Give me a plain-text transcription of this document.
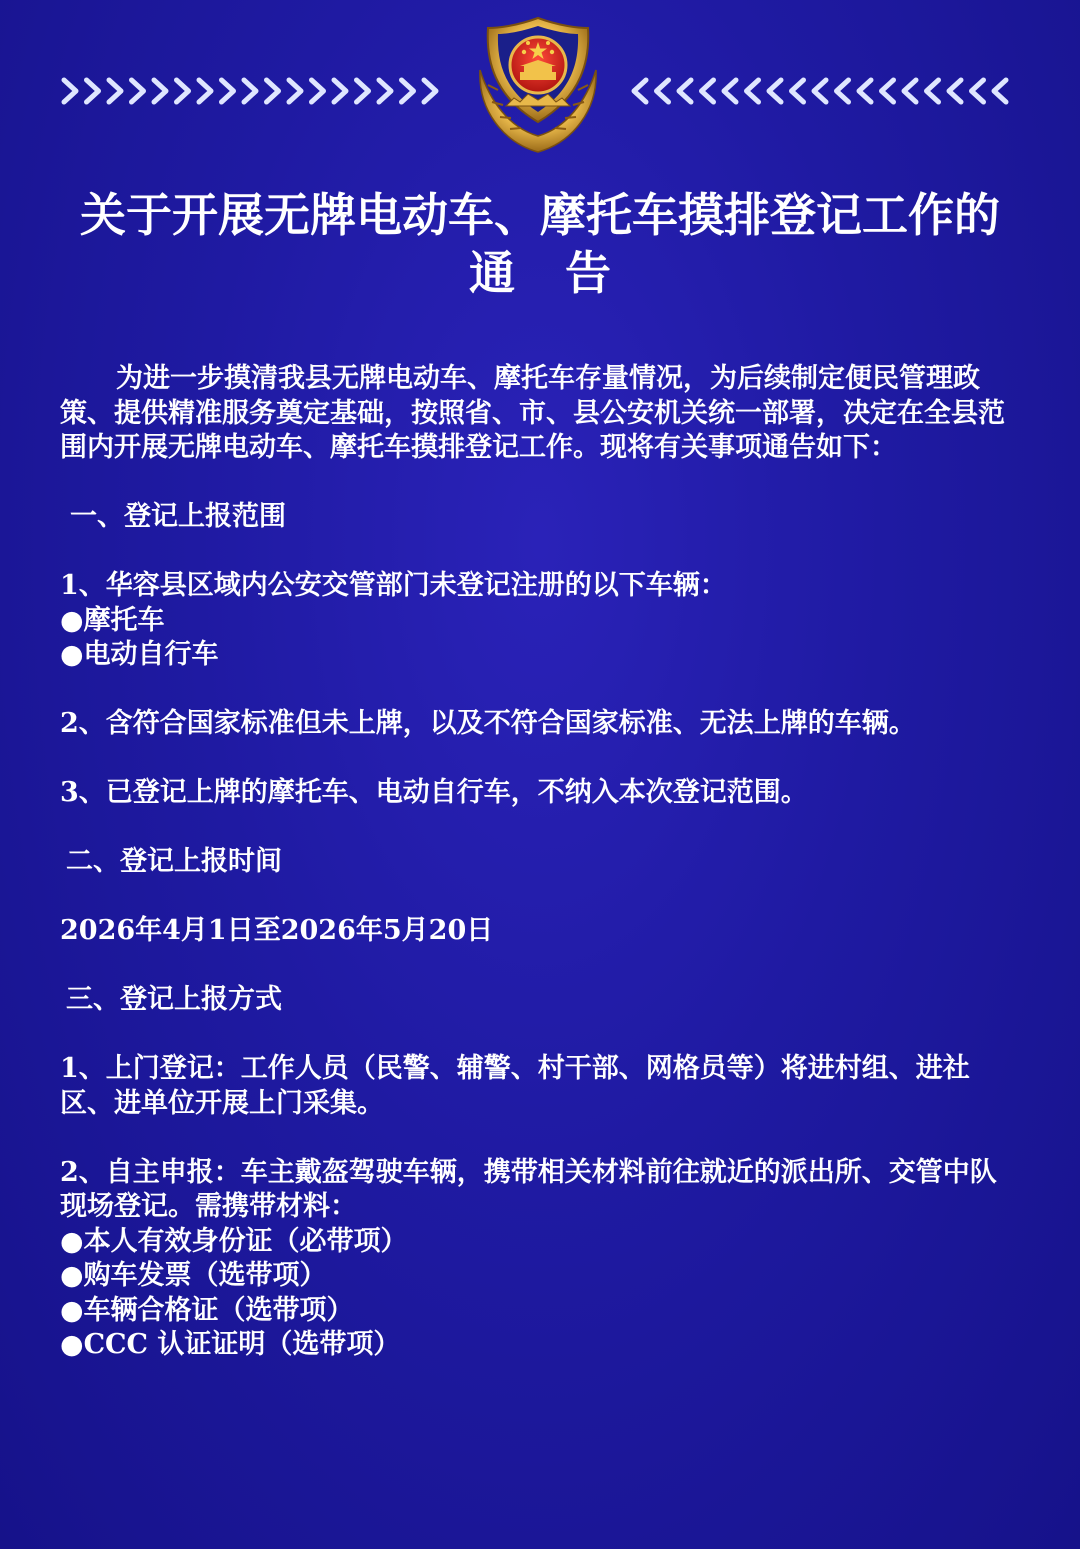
关于开展无牌电动车、摩托车摸排登记工作的
通告

为进一步摸清我县无牌电动车、摩托车存量情况，为后续制定便民管理政策、提供精准服务奠定基础，按照省、市、县公安机关统一部署，决定在全县范围内开展无牌电动车、摩托车摸排登记工作。现将有关事项通告如下：

一、登记上报范围

1、华容县区域内公安交管部门未登记注册的以下车辆：

● 摩托车

● 电动自行车

2、含符合国家标准但未上牌，以及不符合国家标准、无法上牌的车辆。

3、已登记上牌的摩托车、电动自行车，不纳入本次登记范围。

二、登记上报时间

2026年4月1日至2026年5月20日

三、登记上报方式

1、上门登记：工作人员（民警、辅警、村干部、网格员等）将进村组、进社区、进单位开展上门采集。

2、自主申报：车主戴盔驾驶车辆，携带相关材料前往就近的派出所、交管中队现场登记。需携带材料：

● 本人有效身份证（必带项）

● 购车发票（选带项）

● 车辆合格证（选带项）

● CCC 认证证明（选带项）
